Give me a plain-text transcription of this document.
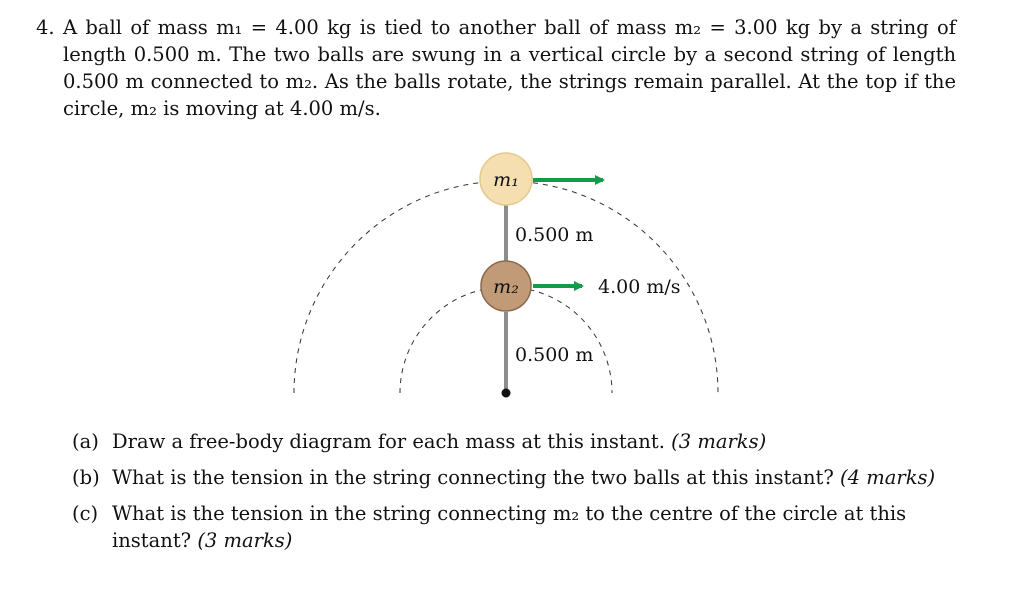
4. A ball of mass m₁ = 4.00 kg is tied to another ball of mass m₂ = 3.00 kg by a string of length 0.500 m. The two balls are swung in a vertical circle by a second string of length 0.500 m connected to m₂. As the balls rotate, the strings remain parallel. At the top if the circle, m₂ is moving at 4.00 m/s.
m₁
m₂
0.500 m
0.500 m
4.00 m/s
(a) Draw a free-body diagram for each mass at this instant. (3 marks)
(b) What is the tension in the string connecting the two balls at this instant? (4 marks)
(c) What is the tension in the string connecting m₂ to the centre of the circle at this instant? (3 marks)
